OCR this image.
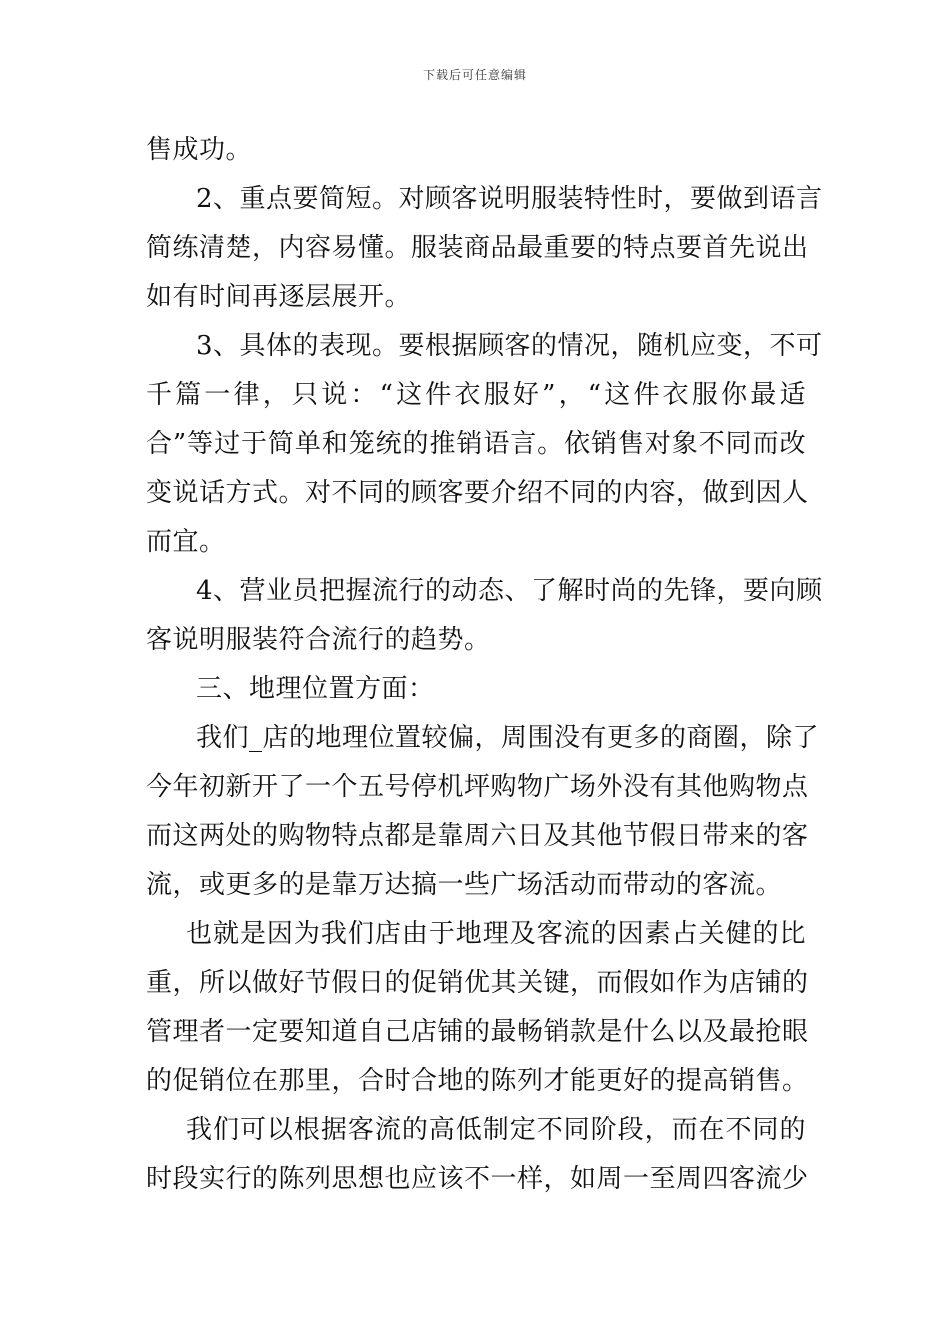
下载后可任意编辑
售成功。
2、重点要简短。对顾客说明服装特性时，要做到语言
简练清楚，内容易懂。服装商品最重要的特点要首先说出
如有时间再逐层展开。
3、具体的表现。要根据顾客的情况，随机应变，不可
千篇一律，只说：“这件衣服好”，“这件衣服你最适
合”等过于简单和笼统的推销语言。依销售对象不同而改
变说话方式。对不同的顾客要介绍不同的内容，做到因人
而宜。
4、营业员把握流行的动态、了解时尚的先锋，要向顾
客说明服装符合流行的趋势。
三、地理位置方面：
我们_店的地理位置较偏，周围没有更多的商圈，除了
今年初新开了一个五号停机坪购物广场外没有其他购物点
而这两处的购物特点都是靠周六日及其他节假日带来的客
流，或更多的是靠万达搞一些广场活动而带动的客流。
也就是因为我们店由于地理及客流的因素占关健的比
重，所以做好节假日的促销优其关键，而假如作为店铺的
管理者一定要知道自己店铺的最畅销款是什么以及最抢眼
的促销位在那里，合时合地的陈列才能更好的提高销售。
我们可以根据客流的高低制定不同阶段，而在不同的
时段实行的陈列思想也应该不一样，如周一至周四客流少
